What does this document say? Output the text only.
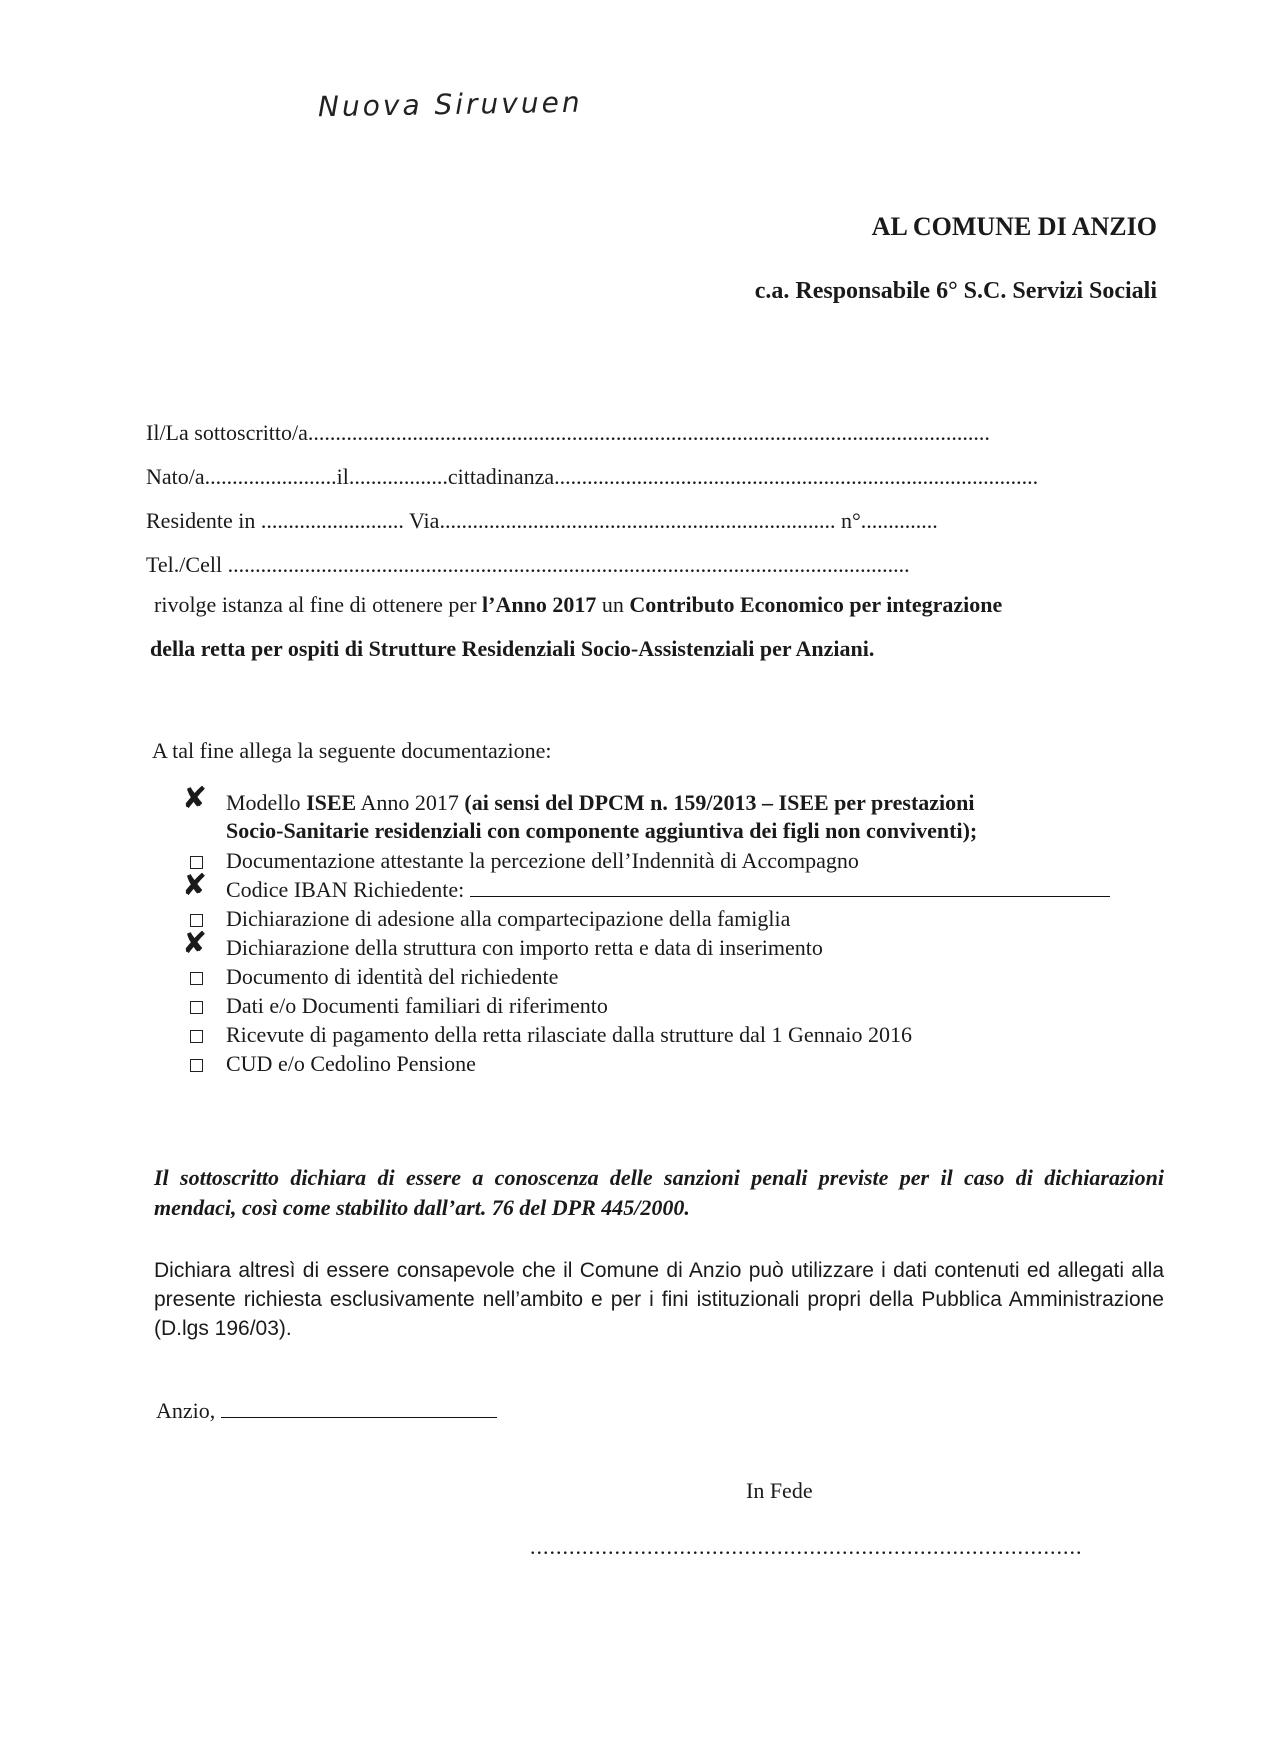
Nuova Siruvuen
AL COMUNE DI ANZIO
c.a. Responsabile 6° S.C. Servizi Sociali
Il/La sottoscritto/a............................................................................................................................
Nato/a........................il..................cittadinanza........................................................................................
Residente in .......................... Via........................................................................ n°..............
Tel./Cell ............................................................................................................................
rivolge istanza al fine di ottenere per l’Anno 2017 un Contributo Economico per integrazione
della retta per ospiti di Strutture Residenziali Socio-Assistenziali per Anziani.
A tal fine allega la seguente documentazione:
✘ Modello ISEE Anno 2017 (ai sensi del DPCM n. 159/2013 – ISEE per prestazioni
Socio-Sanitarie residenziali con componente aggiuntiva dei figli non conviventi);
Documentazione attestante la percezione dell’Indennità di Accompagno
✘ Codice IBAN Richiedente:
Dichiarazione di adesione alla compartecipazione della famiglia
✘ Dichiarazione della struttura con importo retta e data di inserimento
Documento di identità del richiedente
Dati e/o Documenti familiari di riferimento
Ricevute di pagamento della retta rilasciate dalla strutture dal 1 Gennaio 2016
CUD e/o Cedolino Pensione
Il sottoscritto dichiara di essere a conoscenza delle sanzioni penali previste per il caso di dichiarazioni mendaci, così come stabilito dall’art. 76 del DPR 445/2000.
Dichiara altresì di essere consapevole che il Comune di Anzio può utilizzare i dati contenuti ed allegati alla presente richiesta esclusivamente nell’ambito e per i fini istituzionali propri della Pubblica Amministrazione (D.lgs 196/03).
Anzio,
In Fede
.....................................................................................
